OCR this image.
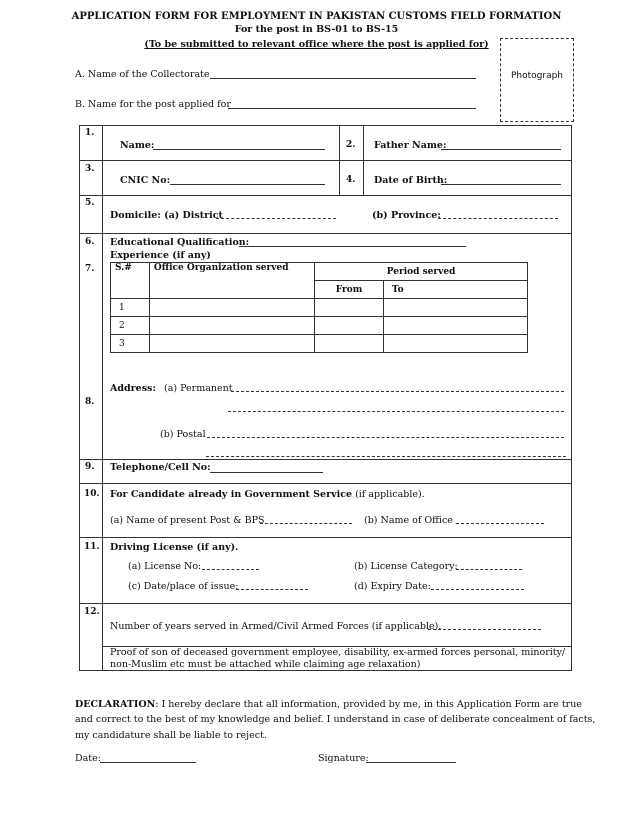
APPLICATION FORM FOR EMPLOYMENT IN PAKISTAN CUSTOMS FIELD FORMATION
For the post in BS-01 to BS-15
(To be submitted to relevant office where the post is applied for)
Photograph
A. Name of the Collectorate
B. Name for the post applied for
1.
Name:	2. Father Name:
3.
CNIC No:	4. Date of Birth:
5.
Domicile: (a) District	(b) Province:
6. Educational Qualification:
Experience (if any)
7. S.#	Office Organization served	Period served	
		From	To
1			
2			
3			
8.
Address: (a) Permanent
(b) Postal
9. Telephone/Cell No:
10. For Candidate already in Government Service (if applicable).
(a) Name of present Post & BPS	(b) Name of Office
11. Driving License (if any).
(a) License No:	(b) License Category:
(c) Date/place of issue:	(d) Expiry Date:
12.
Number of years served in Armed/Civil Armed Forces (if applicable).
Proof of son of deceased government employee, disability, ex-armed forces personal, minority/
non-Muslim etc must be attached while claiming age relaxation)
DECLARATION: I hereby declare that all information, provided by me, in this Application Form are true
and correct to the best of my knowledge and belief. I understand in case of deliberate concealment of facts,
my candidature shall be liable to reject.
Date:	Signature:
